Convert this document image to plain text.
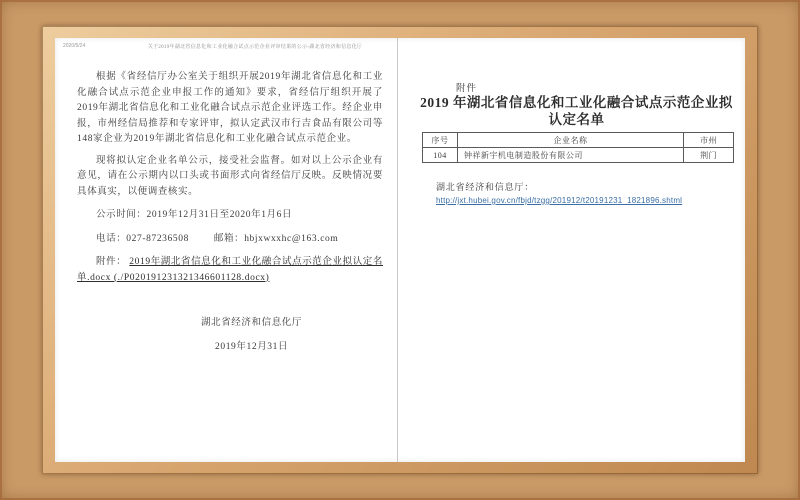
2020/5/24	关于2019年湖北省信息化和工业化融合试点示范企业评审结果的公示-湖北省经济和信息化厅

根据《省经信厅办公室关于组织开展2019年湖北省信息化和工业化融合试点示范企业申报工作的通知》要求，省经信厅组织开展了2019年湖北省信息化和工业化融合试点示范企业评选工作。经企业申报，市州经信局推荐和专家评审，拟认定武汉市行吉食品有限公司等148家企业为2019年湖北省信息化和工业化融合试点示范企业。

现将拟认定企业名单公示，接受社会监督。如对以上公示企业有意见，请在公示期内以口头或书面形式向省经信厅反映。反映情况要具体真实，以便调查核实。

公示时间：2019年12月31日至2020年1月6日
电话：027-87236508	邮箱：hbjxwxxhc@163.com
附件： 2019年湖北省信息化和工业化融合试点示范企业拟认定名单.docx (./P020191231321346601128.docx)
湖北省经济和信息化厅
2019年12月31日
附件
2019 年湖北省信息化和工业化融合试点示范企业拟认定名单
序号	企业名称	市州
104	钟祥新宇机电制造股份有限公司	荆门
湖北省经济和信息厅：
http://jxt.hubei.gov.cn/fbjd/tzgg/201912/t20191231_1821896.shtml
